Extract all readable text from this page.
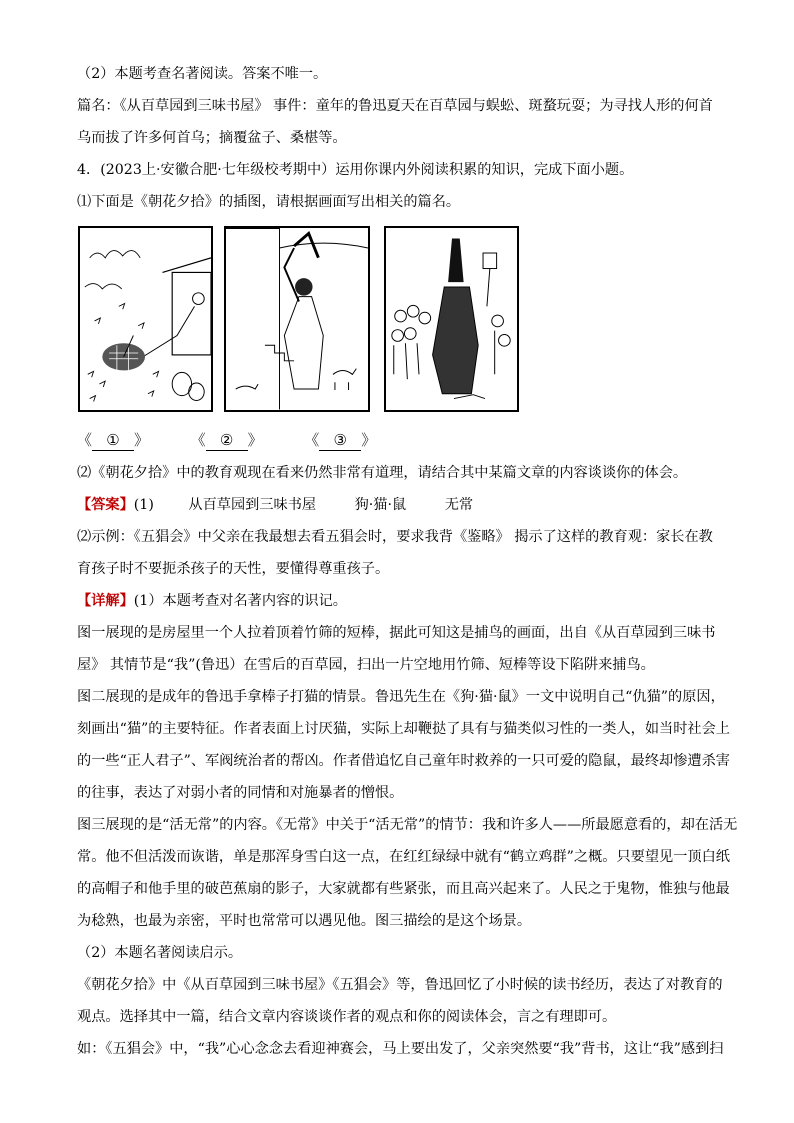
（2）本题考查名著阅读。答案不唯一。
篇名：《从百草园到三味书屋》 事件：童年的鲁迅夏天在百草园与蜈蚣、斑蝥玩耍；为寻找人形的何首
乌而拔了许多何首乌；摘覆盆子、桑椹等。
4．(2023上·安徽合肥·七年级校考期中）运用你课内外阅读积累的知识，完成下面小题。
⑴下面是《朝花夕拾》的插图，请根据画面写出相关的篇名。
《 ① 》	《 ② 》	《 ③ 》
⑵《朝花夕拾》中的教育观现在看来仍然非常有道理，请结合其中某篇文章的内容谈谈你的体会。
【答案】(1) 从百草园到三味书屋	狗·猫·鼠	无常
⑵示例：《五猖会》中父亲在我最想去看五猖会时，要求我背《鉴略》 揭示了这样的教育观：家长在教
育孩子时不要扼杀孩子的天性，要懂得尊重孩子。
【详解】(1）本题考查对名著内容的识记。
图一展现的是房屋里一个人拉着顶着竹筛的短棒，据此可知这是捕鸟的画面，出自《从百草园到三味书
屋》 其情节是“我”(鲁迅）在雪后的百草园，扫出一片空地用竹筛、短棒等设下陷阱来捕鸟。
图二展现的是成年的鲁迅手拿棒子打猫的情景。鲁迅先生在《狗·猫·鼠》一文中说明自己“仇猫”的原因，
刻画出“猫”的主要特征。作者表面上讨厌猫，实际上却鞭挞了具有与猫类似习性的一类人，如当时社会上
的一些“正人君子”、军阀统治者的帮凶。作者借追忆自己童年时救养的一只可爱的隐鼠，最终却惨遭杀害
的往事，表达了对弱小者的同情和对施暴者的憎恨。
图三展现的是“活无常”的内容。《无常》中关于“活无常”的情节：我和许多人——所最愿意看的，却在活无
常。他不但活泼而诙谐，单是那浑身雪白这一点，在红红绿绿中就有“鹤立鸡群”之概。只要望见一顶白纸
的高帽子和他手里的破芭蕉扇的影子，大家就都有些紧张，而且高兴起来了。人民之于鬼物，惟独与他最
为稔熟，也最为亲密，平时也常常可以遇见他。图三描绘的是这个场景。
（2）本题名著阅读启示。
《朝花夕拾》中《从百草园到三味书屋》《五猖会》等，鲁迅回忆了小时候的读书经历，表达了对教育的
观点。选择其中一篇，结合文章内容谈谈作者的观点和你的阅读体会，言之有理即可。
如：《五猖会》中，“我”心心念念去看迎神赛会，马上要出发了，父亲突然要“我”背书，这让“我”感到扫
